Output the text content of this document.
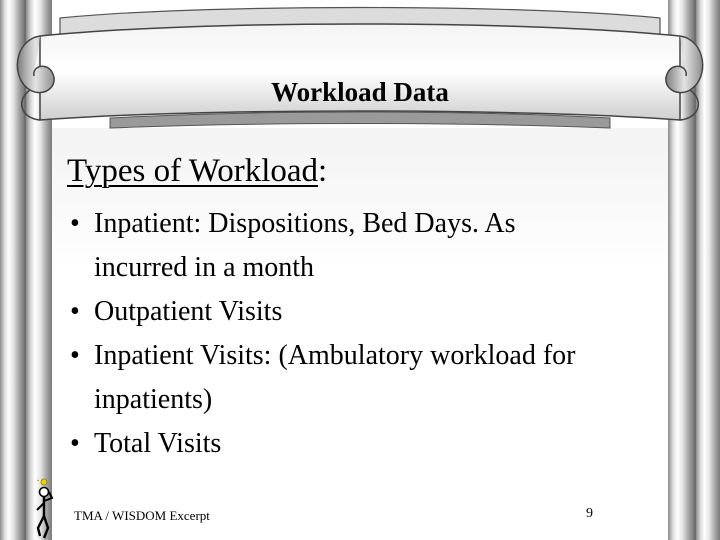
Workload Data
Types of Workload:
• Inpatient: Dispositions, Bed Days. As
incurred in a month
• Outpatient Visits
• Inpatient Visits: (Ambulatory workload for
inpatients)
• Total Visits
TMA / WISDOM Excerpt	9
